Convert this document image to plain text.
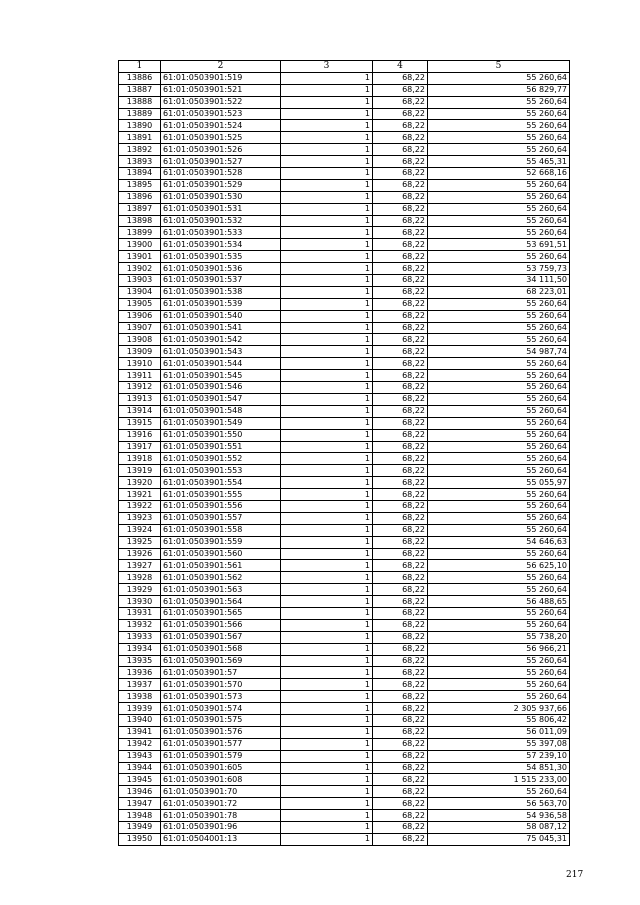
1	2	3	4	5
13886	61:01:0503901:519	1	68,22	55 260,64
13887	61:01:0503901:521	1	68,22	56 829,77
13888	61:01:0503901:522	1	68,22	55 260,64
13889	61:01:0503901:523	1	68,22	55 260,64
13890	61:01:0503901:524	1	68,22	55 260,64
13891	61:01:0503901:525	1	68,22	55 260,64
13892	61:01:0503901:526	1	68,22	55 260,64
13893	61:01:0503901:527	1	68,22	55 465,31
13894	61:01:0503901:528	1	68,22	52 668,16
13895	61:01:0503901:529	1	68,22	55 260,64
13896	61:01:0503901:530	1	68,22	55 260,64
13897	61:01:0503901:531	1	68,22	55 260,64
13898	61:01:0503901:532	1	68,22	55 260,64
13899	61:01:0503901:533	1	68,22	55 260,64
13900	61:01:0503901:534	1	68,22	53 691,51
13901	61:01:0503901:535	1	68,22	55 260,64
13902	61:01:0503901:536	1	68,22	53 759,73
13903	61:01:0503901:537	1	68,22	34 111,50
13904	61:01:0503901:538	1	68,22	68 223,01
13905	61:01:0503901:539	1	68,22	55 260,64
13906	61:01:0503901:540	1	68,22	55 260,64
13907	61:01:0503901:541	1	68,22	55 260,64
13908	61:01:0503901:542	1	68,22	55 260,64
13909	61:01:0503901:543	1	68,22	54 987,74
13910	61:01:0503901:544	1	68,22	55 260,64
13911	61:01:0503901:545	1	68,22	55 260,64
13912	61:01:0503901:546	1	68,22	55 260,64
13913	61:01:0503901:547	1	68,22	55 260,64
13914	61:01:0503901:548	1	68,22	55 260,64
13915	61:01:0503901:549	1	68,22	55 260,64
13916	61:01:0503901:550	1	68,22	55 260,64
13917	61:01:0503901:551	1	68,22	55 260,64
13918	61:01:0503901:552	1	68,22	55 260,64
13919	61:01:0503901:553	1	68,22	55 260,64
13920	61:01:0503901:554	1	68,22	55 055,97
13921	61:01:0503901:555	1	68,22	55 260,64
13922	61:01:0503901:556	1	68,22	55 260,64
13923	61:01:0503901:557	1	68,22	55 260,64
13924	61:01:0503901:558	1	68,22	55 260,64
13925	61:01:0503901:559	1	68,22	54 646,63
13926	61:01:0503901:560	1	68,22	55 260,64
13927	61:01:0503901:561	1	68,22	56 625,10
13928	61:01:0503901:562	1	68,22	55 260,64
13929	61:01:0503901:563	1	68,22	55 260,64
13930	61:01:0503901:564	1	68,22	56 488,65
13931	61:01:0503901:565	1	68,22	55 260,64
13932	61:01:0503901:566	1	68,22	55 260,64
13933	61:01:0503901:567	1	68,22	55 738,20
13934	61:01:0503901:568	1	68,22	56 966,21
13935	61:01:0503901:569	1	68,22	55 260,64
13936	61:01:0503901:57	1	68,22	55 260,64
13937	61:01:0503901:570	1	68,22	55 260,64
13938	61:01:0503901:573	1	68,22	55 260,64
13939	61:01:0503901:574	1	68,22	2 305 937,66
13940	61:01:0503901:575	1	68,22	55 806,42
13941	61:01:0503901:576	1	68,22	56 011,09
13942	61:01:0503901:577	1	68,22	55 397,08
13943	61:01:0503901:579	1	68,22	57 239,10
13944	61:01:0503901:605	1	68,22	54 851,30
13945	61:01:0503901:608	1	68,22	1 515 233,00
13946	61:01:0503901:70	1	68,22	55 260,64
13947	61:01:0503901:72	1	68,22	56 563,70
13948	61:01:0503901:78	1	68,22	54 936,58
13949	61:01:0503901:96	1	68,22	58 087,12
13950	61:01:0504001:13	1	68,22	75 045,31
217
